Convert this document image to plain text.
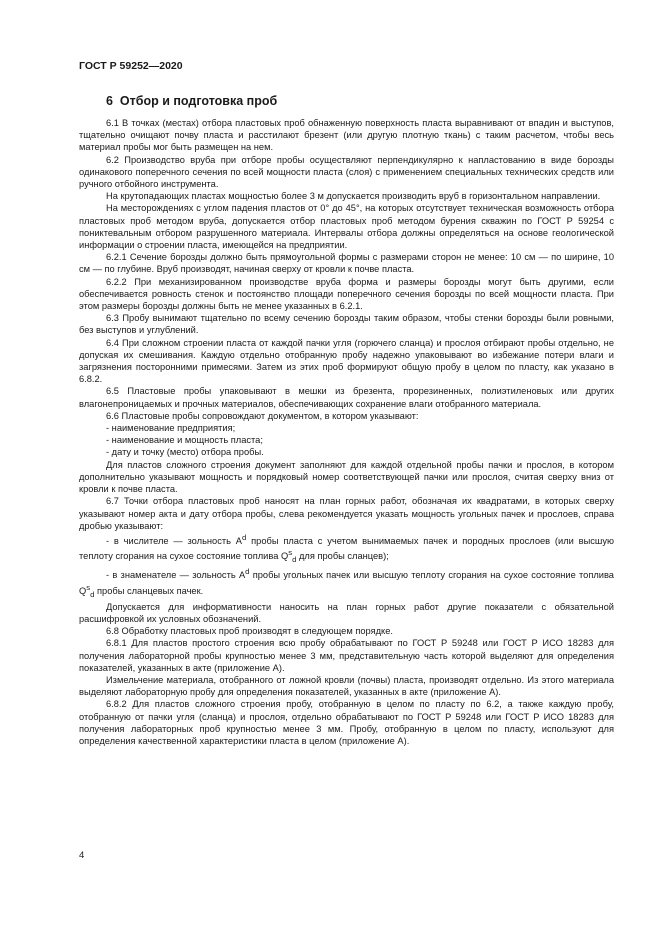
ГОСТ Р 59252—2020
6 Отбор и подготовка проб

6.1 В точках (местах) отбора пластовых проб обнаженную поверхность пласта выравнивают от впадин и выступов, тщательно очищают почву пласта и расстилают брезент (или другую плотную ткань) с таким расчетом, чтобы весь материал пробы мог быть размещен на нем.

6.2 Производство вруба при отборе пробы осуществляют перпендикулярно к напластованию в виде борозды одинакового поперечного сечения по всей мощности пласта (слоя) с применением специальных технических средств или ручного отбойного инструмента.

На крутопадающих пластах мощностью более 3 м допускается производить вруб в горизонтальном направлении.

На месторождениях с углом падения пластов от 0° до 45°, на которых отсутствует техническая возможность отбора пластовых проб методом вруба, допускается отбор пластовых проб методом бурения скважин по ГОСТ Р 59254 с пониктевальным отбором разрушенного материала. Интервалы отбора должны определяться на основе геологической информации о строении пласта, имеющейся на предприятии.

6.2.1 Сечение борозды должно быть прямоугольной формы с размерами сторон не менее: 10 см — по ширине, 10 см — по глубине. Вруб производят, начиная сверху от кровли к почве пласта.

6.2.2 При механизированном производстве вруба форма и размеры борозды могут быть другими, если обеспечивается ровность стенок и постоянство площади поперечного сечения борозды по всей мощности пласта. При этом размеры борозды должны быть не менее указанных в 6.2.1.

6.3 Пробу вынимают тщательно по всему сечению борозды таким образом, чтобы стенки борозды были ровными, без выступов и углублений.

6.4 При сложном строении пласта от каждой пачки угля (горючего сланца) и прослоя отбирают пробы отдельно, не допуская их смешивания. Каждую отдельно отобранную пробу надежно упаковывают во избежание потери влаги и загрязнения посторонними примесями. Затем из этих проб формируют общую пробу в целом по пласту, как указано в 6.8.2.

6.5 Пластовые пробы упаковывают в мешки из брезента, прорезиненных, полиэтиленовых или других влагонепроницаемых и прочных материалов, обеспечивающих сохранение влаги отобранного материала.

6.6 Пластовые пробы сопровождают документом, в котором указывают:

- наименование предприятия;

- наименование и мощность пласта;

- дату и точку (место) отбора пробы.

Для пластов сложного строения документ заполняют для каждой отдельной пробы пачки и прослоя, в котором дополнительно указывают мощность и порядковый номер соответствующей пачки или прослоя, считая сверху вниз от кровли к почве пласта.

6.7 Точки отбора пластовых проб наносят на план горных работ, обозначая их квадратами, в которых сверху указывают номер акта и дату отбора пробы, слева рекомендуется указать мощность угольных пачек и прослоев, справа дробью указывают:

- в числителе — зольность $A^d$ пробы пласта с учетом вынимаемых пачек и породных прослоев (или высшую теплоту сгорания на сухое состояние топлива $Q^s_d$ для пробы сланцев);

- в знаменателе — зольность $A^d$ пробы угольных пачек или высшую теплоту сгорания на сухое состояние топлива $Q^s_d$ пробы сланцевых пачек.

Допускается для информативности наносить на план горных работ другие показатели с обязательной расшифровкой их условных обозначений.

6.8 Обработку пластовых проб производят в следующем порядке.

6.8.1 Для пластов простого строения всю пробу обрабатывают по ГОСТ Р 59248 или ГОСТ Р ИСО 18283 для получения лабораторной пробы крупностью менее 3 мм, представительную часть которой выделяют для определения показателей, указанных в акте (приложение А).

Измельчение материала, отобранного от ложной кровли (почвы) пласта, производят отдельно. Из этого материала выделяют лабораторную пробу для определения показателей, указанных в акте (приложение А).

6.8.2 Для пластов сложного строения пробу, отобранную в целом по пласту по 6.2, а также каждую пробу, отобранную от пачки угля (сланца) и прослоя, отдельно обрабатывают по ГОСТ Р 59248 или ГОСТ Р ИСО 18283 для получения лабораторных проб крупностью менее 3 мм. Пробу, отобранную в целом по пласту, используют для определения качественной характеристики пласта в целом (приложение А).

4
